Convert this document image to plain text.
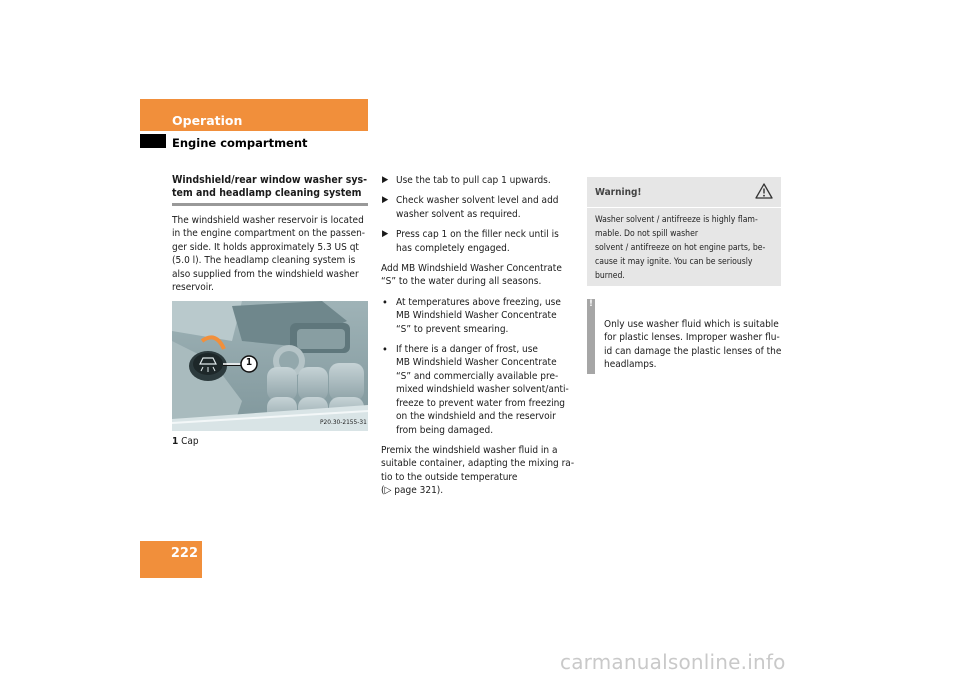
Operation
Engine compartment
222
Windshield/rear window washer sys-
tem and headlamp cleaning system
The windshield washer reservoir is located
in the engine compartment on the passen-
ger side. It holds approximately 5.3 US qt
(5.0 l). The headlamp cleaning system is
also supplied from the windshield washer
reservoir.
1
P20.30-2155-31
1 Cap
▶ Use the tab to pull cap 1 upwards.
▶ Check washer solvent level and add
washer solvent as required.
▶ Press cap 1 on the filler neck until is
has completely engaged.
Add MB Windshield Washer Concentrate
“S” to the water during all seasons.
• At temperatures above freezing, use
MB Windshield Washer Concentrate
“S” to prevent smearing.
• If there is a danger of frost, use
MB Windshield Washer Concentrate
“S” and commercially available pre-
mixed windshield washer solvent/anti-
freeze to prevent water from freezing
on the windshield and the reservoir
from being damaged.
Premix the windshield washer fluid in a
suitable container, adapting the mixing ra-
tio to the outside temperature
(▷ page 321).
Warning!
Washer solvent / antifreeze is highly flam-
mable. Do not spill washer
solvent / antifreeze on hot engine parts, be-
cause it may ignite. You can be seriously
burned.
!
Only use washer fluid which is suitable
for plastic lenses. Improper washer flu-
id can damage the plastic lenses of the
headlamps.
carmanualsonline.info
